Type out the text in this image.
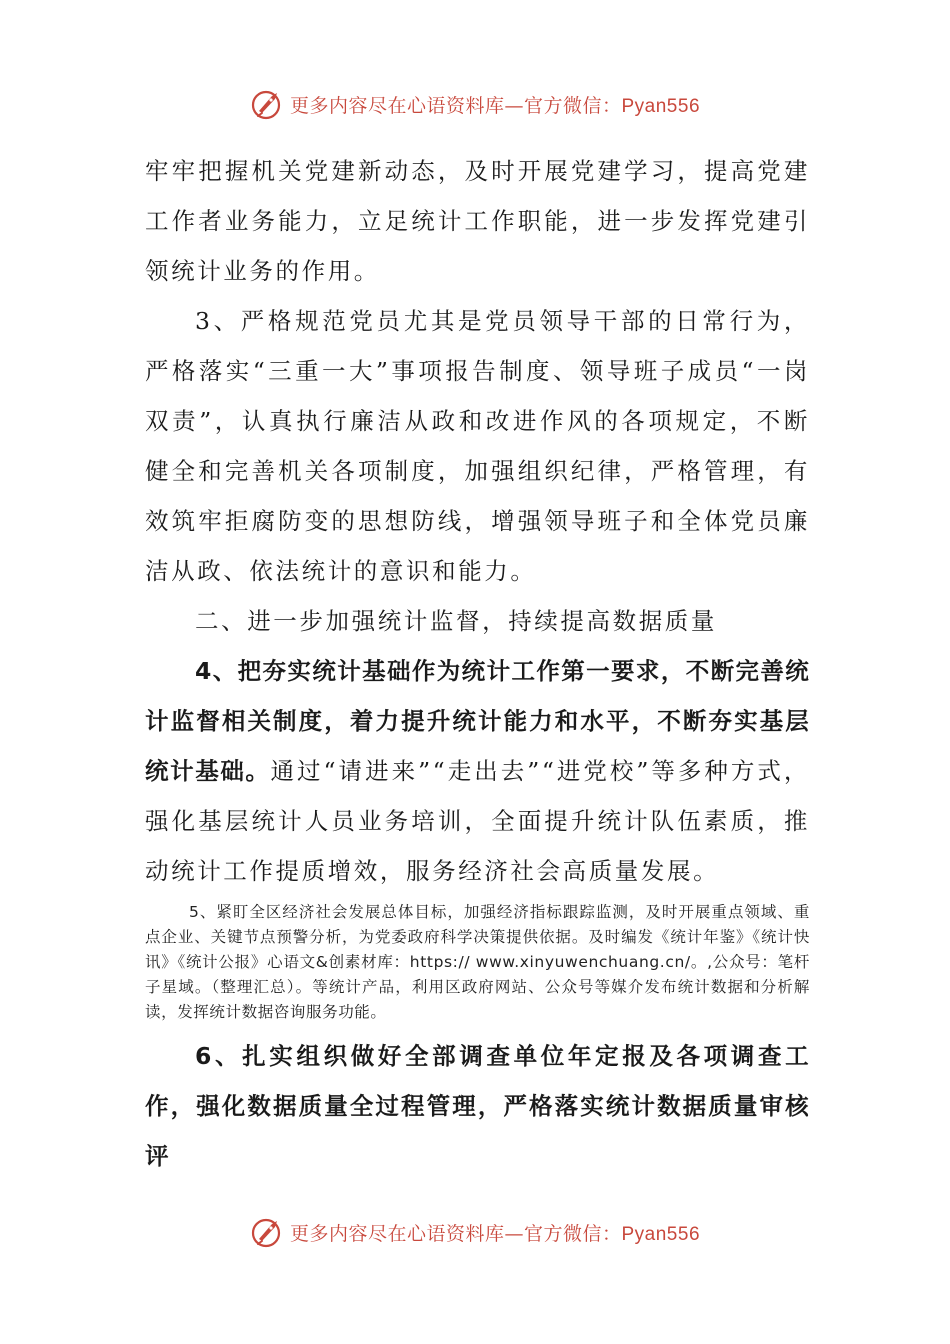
更多内容尽在心语资料库—官方微信：Pyan556

牢牢把握机关党建新动态，及时开展党建学习，提高党建工作者业务能力，立足统计工作职能，进一步发挥党建引领统计业务的作用。

3、严格规范党员尤其是党员领导干部的日常行为，严格落实“三重一大”事项报告制度、领导班子成员“一岗双责”，认真执行廉洁从政和改进作风的各项规定，不断健全和完善机关各项制度，加强组织纪律，严格管理，有效筑牢拒腐防变的思想防线，增强领导班子和全体党员廉洁从政、依法统计的意识和能力。

二、进一步加强统计监督，持续提高数据质量

4、把夯实统计基础作为统计工作第一要求，不断完善统计监督相关制度，着力提升统计能力和水平，不断夯实基层统计基础。通过“请进来”“走出去”“进党校”等多种方式，强化基层统计人员业务培训，全面提升统计队伍素质，推动统计工作提质增效，服务经济社会高质量发展。

5、紧盯全区经济社会发展总体目标，加强经济指标跟踪监测，及时开展重点领域、重点企业、关键节点预警分析，为党委政府科学决策提供依据。及时编发《统计年鉴》《统计快讯》《统计公报》心语文&创素材库：https:// www.xinyuwenchuang.cn/。,公众号：笔杆子星域。（整理汇总）。等统计产品，利用区政府网站、公众号等媒介发布统计数据和分析解读，发挥统计数据咨询服务功能。

6、扎实组织做好全部调查单位年定报及各项调查工作，强化数据质量全过程管理，严格落实统计数据质量审核评

更多内容尽在心语资料库—官方微信：Pyan556
